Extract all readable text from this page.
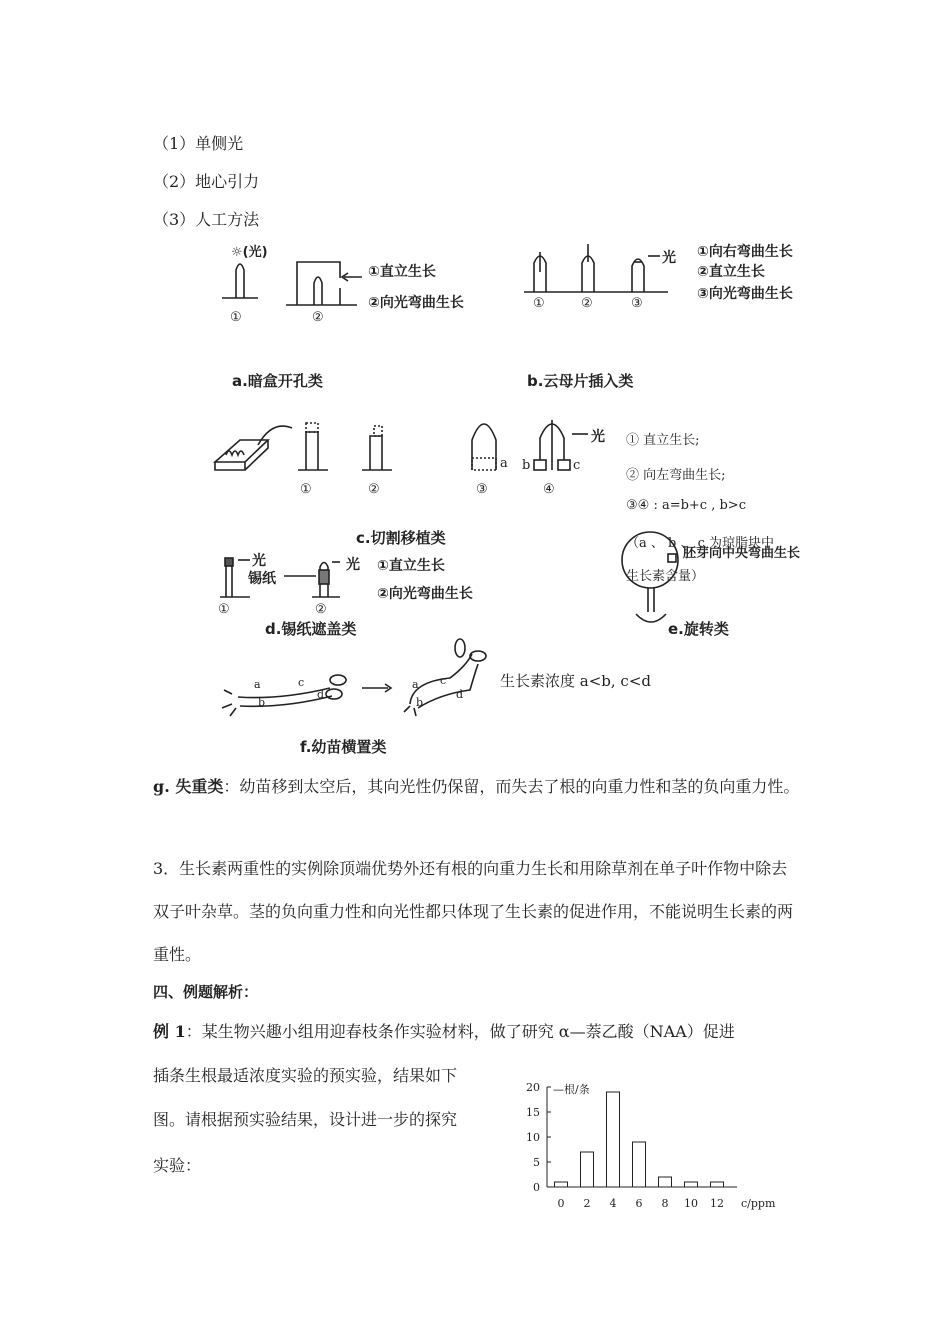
（1）单侧光
（2）地心引力
（3）人工方法
☼(光)
①	②
①直立生长
②向光弯曲生长
a.暗盒开孔类
光
①	②	③
①向右弯曲生长
②直立生长
③向光弯曲生长
b.云母片插入类
①	②	③	④
a b	c
光
c.切割移植类
① 直立生长;
② 向左弯曲生长;
③④ : a=b+c , b>c
（a 、 b 、 c 为琼脂块中
生长素含量）
光
锡纸
光
①	②
①直立生长
②向光弯曲生长
d.锡纸遮盖类
胚芽向中央弯曲生长
e.旋转类
a
b
c
d
a
b
c
d
生长素浓度 a<b, c<d
f.幼苗横置类
g. 失重类：幼苗移到太空后，其向光性仍保留，而失去了根的向重力性和茎的负向重力性。
3．生长素两重性的实例除顶端优势外还有根的向重力生长和用除草剂在单子叶作物中除去双子叶杂草。茎的负向重力性和向光性都只体现了生长素的促进作用，不能说明生长素的两重性。
四、例题解析：
例 1：某生物兴趣小组用迎春枝条作实验材料，做了研究 α—萘乙酸（NAA）促进
插条生根最适浓度实验的预实验，结果如下
图。请根据预实验结果，设计进一步的探究
实验：
0
5
10
15
20 —根/条
0 2 4 6 8 10 12 c/ppm
